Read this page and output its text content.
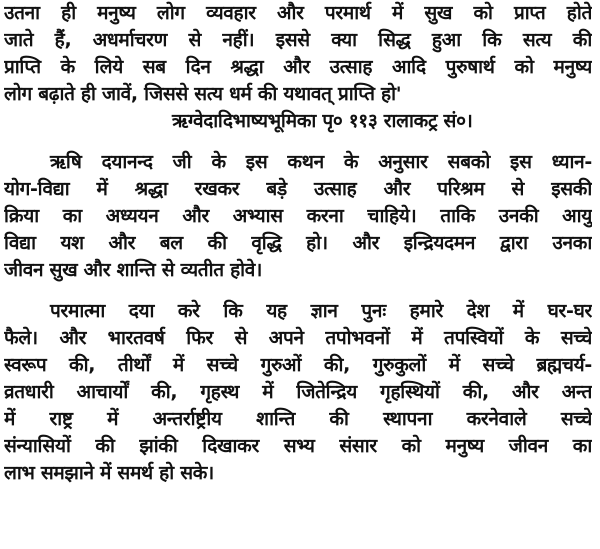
उतना ही मनुष्य लोग व्यवहार और परमार्थ में सुख को प्राप्त होते
जाते हैं, अधर्माचरण से नहीं। इससे क्या सिद्ध हुआ कि सत्य की
प्राप्ति के लिये सब दिन श्रद्धा और उत्साह आदि पुरुषार्थ को मनुष्य
लोग बढ़ाते ही जावें, जिससे सत्य धर्म की यथावत् प्राप्ति हो'
ऋग्वेदादिभाष्यभूमिका पृ० ११३ रालाकट्र सं०।
ऋषि दयानन्द जी के इस कथन के अनुसार सबको इस ध्यान-
योग-विद्या में श्रद्धा रखकर बड़े उत्साह और परिश्रम से इसकी
क्रिया का अध्ययन और अभ्यास करना चाहिये। ताकि उनकी आयु
विद्या यश और बल की वृद्धि हो। और इन्द्रियदमन द्वारा उनका
जीवन सुख और शान्ति से व्यतीत होवे।
परमात्मा दया करे कि यह ज्ञान पुनः हमारे देश में घर-घर
फैले। और भारतवर्ष फिर से अपने तपोभवनों में तपस्वियों के सच्चे
स्वरूप की, तीर्थों में सच्चे गुरुओं की, गुरुकुलों में सच्चे ब्रह्मचर्य-
व्रतधारी आचार्यों की, गृहस्थ में जितेन्द्रिय गृहस्थियों की, और अन्त
में राष्ट्र में अन्तर्राष्ट्रीय शान्ति की स्थापना करनेवाले सच्चे
संन्यासियों की झांकी दिखाकर सभ्य संसार को मनुष्य जीवन का
लाभ समझाने में समर्थ हो सके।
